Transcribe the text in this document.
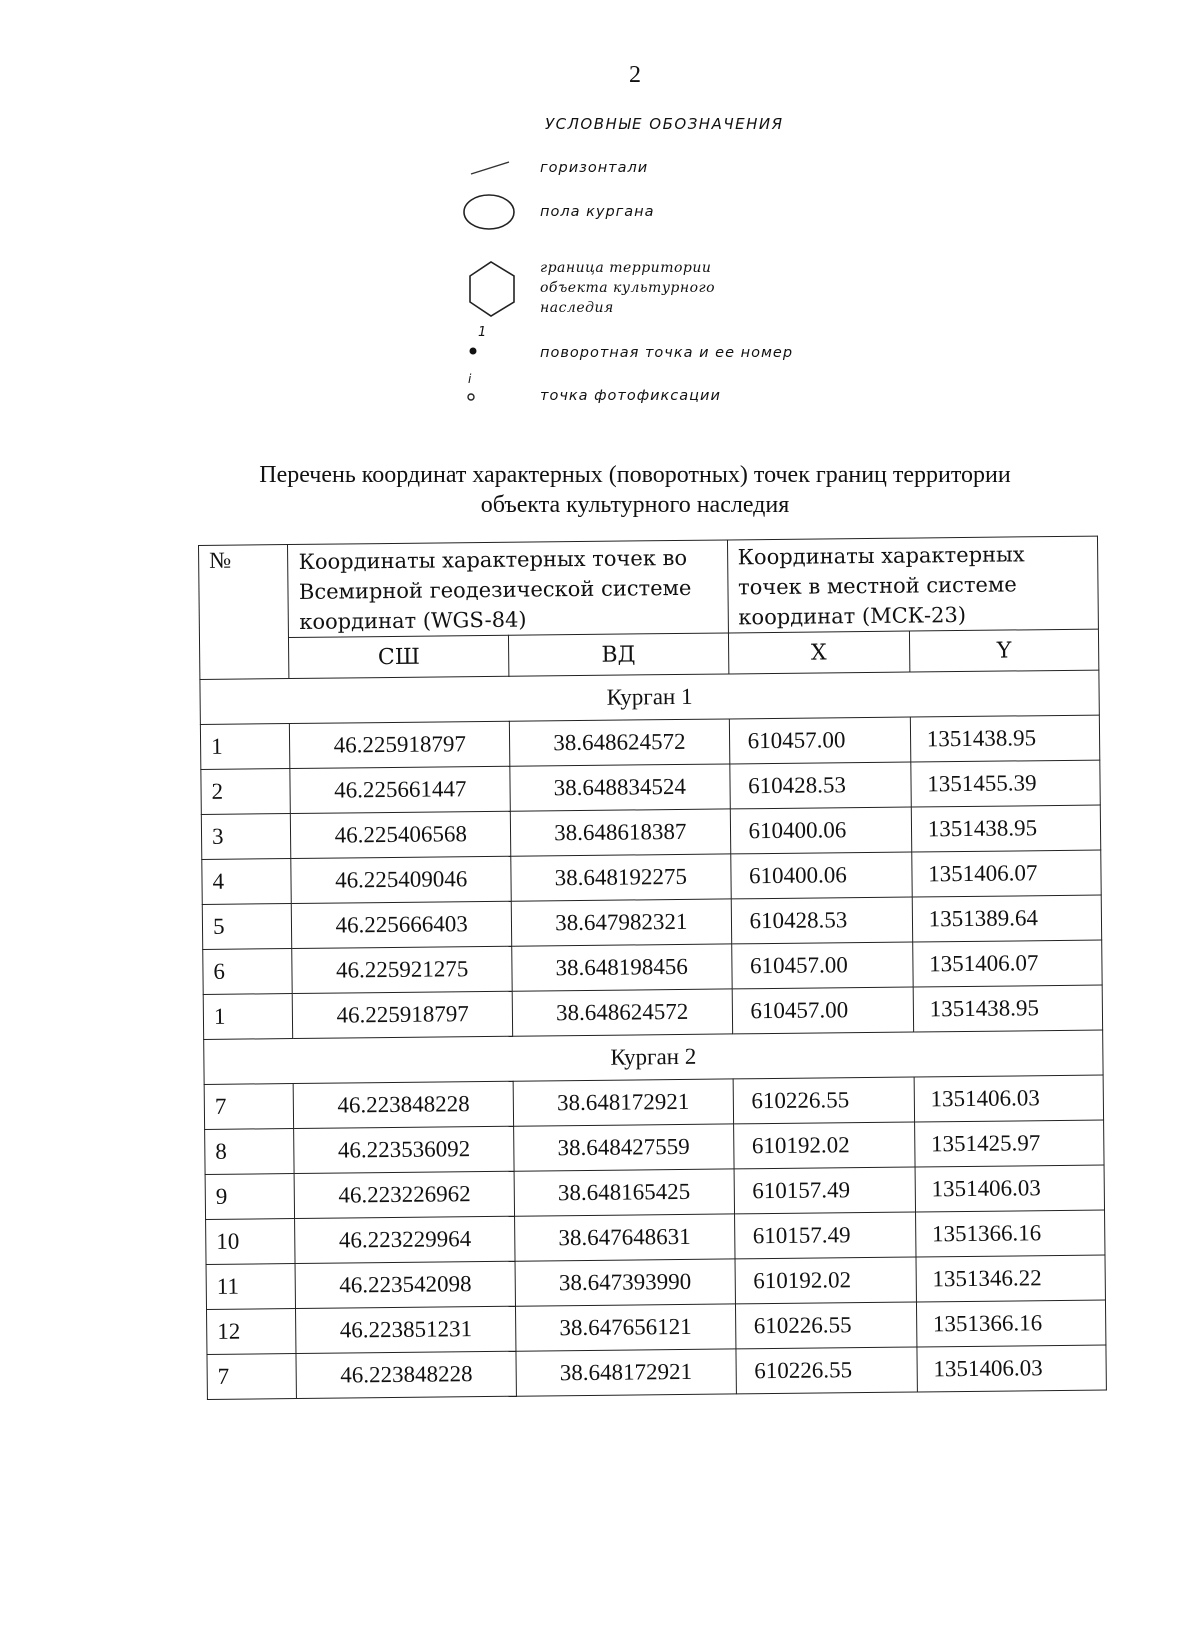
2
УСЛОВНЫЕ ОБОЗНАЧЕНИЯ
горизонтали
пола кургана
граница территории
объекта культурного
наследия
1
поворотная точка и ее номер
i
точка фотофиксации
Перечень координат характерных (поворотных) точек границ территории
объекта культурного наследия
№	Координаты характерных точек во Всемирной геодезической системе координат (WGS-84)		Координаты характерных точек в местной системе координат (МСК-23)	
	СШ	ВД	X	Y
Курган 1				
1	46.225918797	38.648624572	610457.00	1351438.95
2	46.225661447	38.648834524	610428.53	1351455.39
3	46.225406568	38.648618387	610400.06	1351438.95
4	46.225409046	38.648192275	610400.06	1351406.07
5	46.225666403	38.647982321	610428.53	1351389.64
6	46.225921275	38.648198456	610457.00	1351406.07
1	46.225918797	38.648624572	610457.00	1351438.95
Курган 2				
7	46.223848228	38.648172921	610226.55	1351406.03
8	46.223536092	38.648427559	610192.02	1351425.97
9	46.223226962	38.648165425	610157.49	1351406.03
10	46.223229964	38.647648631	610157.49	1351366.16
11	46.223542098	38.647393990	610192.02	1351346.22
12	46.223851231	38.647656121	610226.55	1351366.16
7	46.223848228	38.648172921	610226.55	1351406.03
